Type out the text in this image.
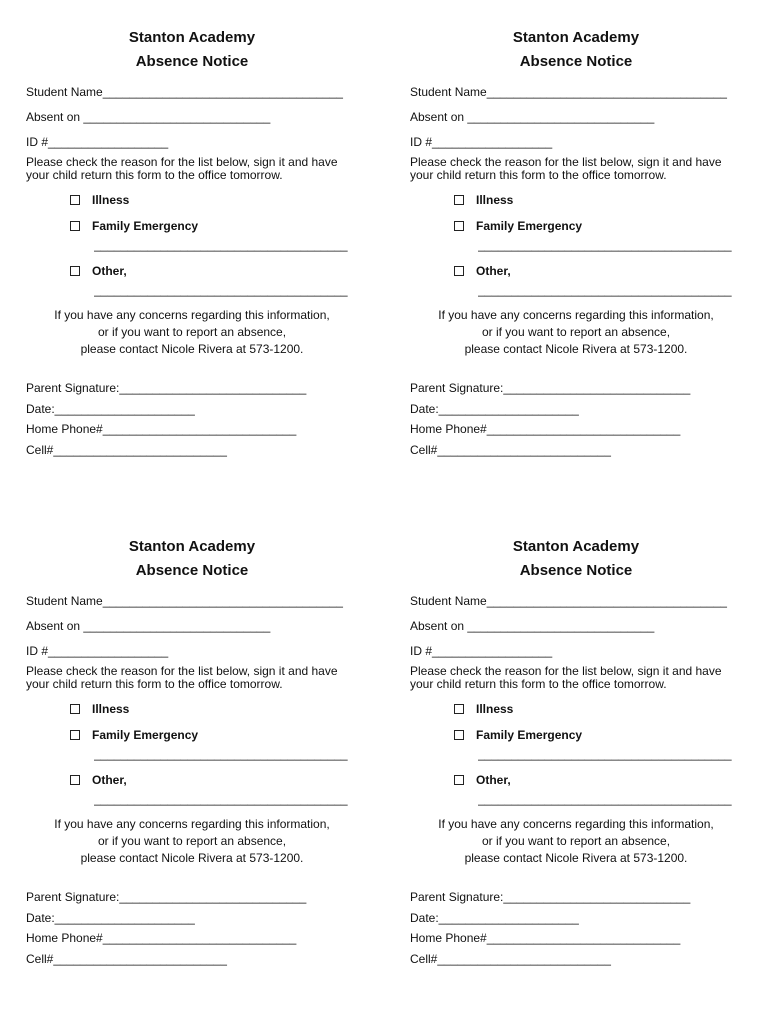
Stanton Academy
Absence Notice
Student Name____________________________________
Absent on ____________________________
ID #__________________
Please check the reason for the list below, sign it and have your child return this form to the office tomorrow.
Illness
Family Emergency
______________________________________
Other,
______________________________________
If you have any concerns regarding this information,
or if you want to report an absence,
please contact Nicole Rivera at 573-1200.
Parent Signature:____________________________
Date:_____________________
Home Phone#_____________________________
Cell#__________________________
Stanton Academy
Absence Notice
Student Name____________________________________
Absent on ____________________________
ID #__________________
Please check the reason for the list below, sign it and have your child return this form to the office tomorrow.
Illness
Family Emergency
______________________________________
Other,
______________________________________
If you have any concerns regarding this information,
or if you want to report an absence,
please contact Nicole Rivera at 573-1200.
Parent Signature:____________________________
Date:_____________________
Home Phone#_____________________________
Cell#__________________________
Stanton Academy
Absence Notice
Student Name____________________________________
Absent on ____________________________
ID #__________________
Please check the reason for the list below, sign it and have your child return this form to the office tomorrow.
Illness
Family Emergency
______________________________________
Other,
______________________________________
If you have any concerns regarding this information,
or if you want to report an absence,
please contact Nicole Rivera at 573-1200.
Parent Signature:____________________________
Date:_____________________
Home Phone#_____________________________
Cell#__________________________
Stanton Academy
Absence Notice
Student Name____________________________________
Absent on ____________________________
ID #__________________
Please check the reason for the list below, sign it and have your child return this form to the office tomorrow.
Illness
Family Emergency
______________________________________
Other,
______________________________________
If you have any concerns regarding this information,
or if you want to report an absence,
please contact Nicole Rivera at 573-1200.
Parent Signature:____________________________
Date:_____________________
Home Phone#_____________________________
Cell#__________________________
